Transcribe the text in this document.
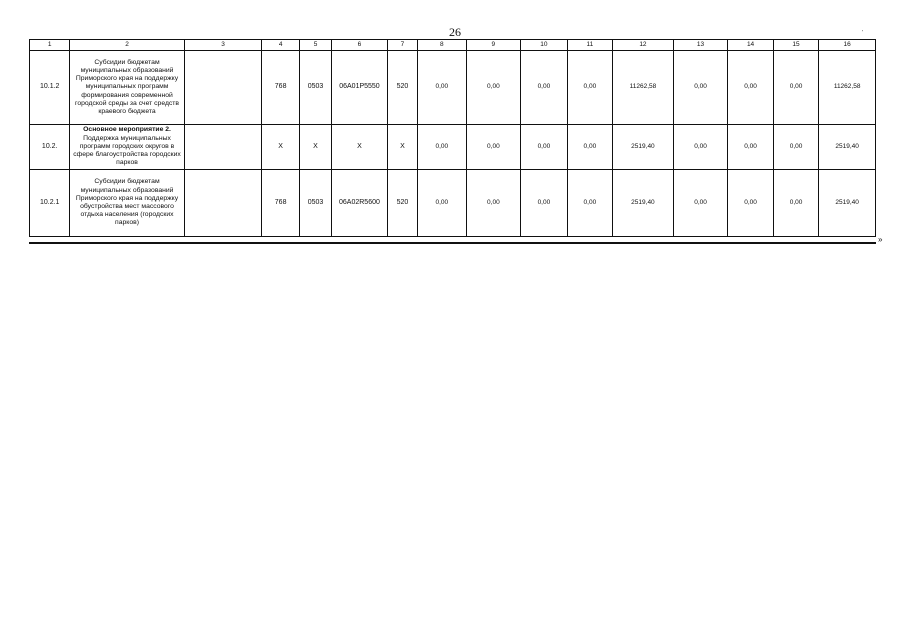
26	'
1	2	3	4	5	6	7	8	9	10	11	12	13	14	15	16
10.1.2	Субсидии бюджетам муниципальных образований Приморского края на поддержку муниципальных программ формирования современной городской среды за счет средств краевого бюджета		768	0503	06А01Р5550	520	0,00	0,00	0,00	0,00	11262,58	0,00	0,00	0,00	11262,58
10.2.	Основное мероприятие 2. Поддержка муниципальных программ городских округов в сфере благоустройства городских парков		X	X	X	X	0,00	0,00	0,00	0,00	2519,40	0,00	0,00	0,00	2519,40
10.2.1	Субсидии бюджетам муниципальных образований Приморского края на поддержку обустройства мест массового отдыха населения (городских парков)		768	0503	06А02R5600	520	0,00	0,00	0,00	0,00	2519,40	0,00	0,00	0,00	2519,40
»
